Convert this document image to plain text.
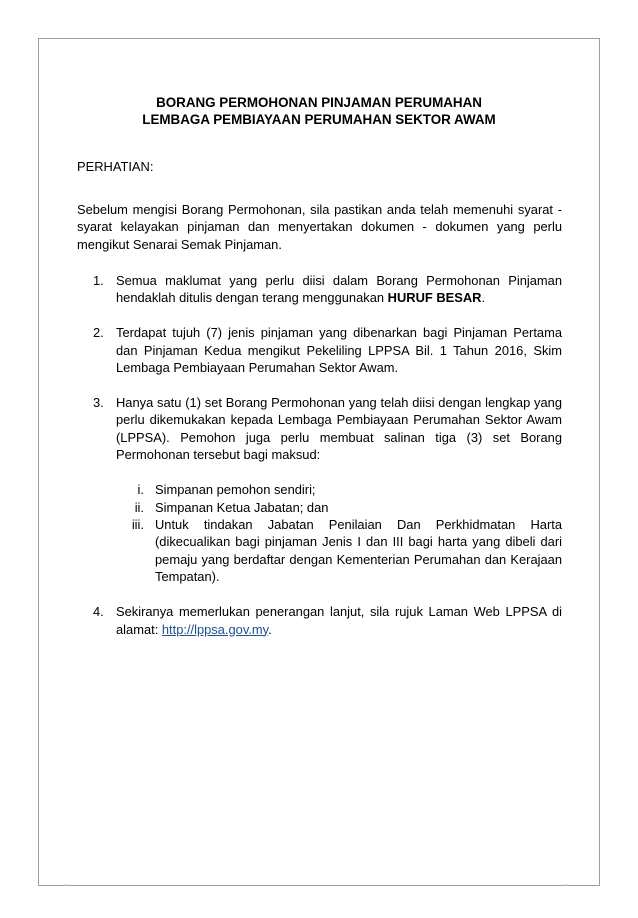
BORANG PERMOHONAN PINJAMAN PERUMAHAN
LEMBAGA PEMBIAYAAN PERUMAHAN SEKTOR AWAM
PERHATIAN:
Sebelum mengisi Borang Permohonan, sila pastikan anda telah memenuhi syarat - syarat kelayakan pinjaman dan menyertakan dokumen - dokumen yang perlu mengikut Senarai Semak Pinjaman.
1. Semua maklumat yang perlu diisi dalam Borang Permohonan Pinjaman hendaklah ditulis dengan terang menggunakan HURUF BESAR.
2. Terdapat tujuh (7) jenis pinjaman yang dibenarkan bagi Pinjaman Pertama dan Pinjaman Kedua mengikut Pekeliling LPPSA Bil. 1 Tahun 2016, Skim Lembaga Pembiayaan Perumahan Sektor Awam.
3. Hanya satu (1) set Borang Permohonan yang telah diisi dengan lengkap yang perlu dikemukakan kepada Lembaga Pembiayaan Perumahan Sektor Awam (LPPSA). Pemohon juga perlu membuat salinan tiga (3) set Borang Permohonan tersebut bagi maksud:
i. Simpanan pemohon sendiri;
ii. Simpanan Ketua Jabatan; dan
iii. Untuk tindakan Jabatan Penilaian Dan Perkhidmatan Harta (dikecualikan bagi pinjaman Jenis I dan III bagi harta yang dibeli dari pemaju yang berdaftar dengan Kementerian Perumahan dan Kerajaan Tempatan).
4. Sekiranya memerlukan penerangan lanjut, sila rujuk Laman Web LPPSA di alamat: http://lppsa.gov.my.
